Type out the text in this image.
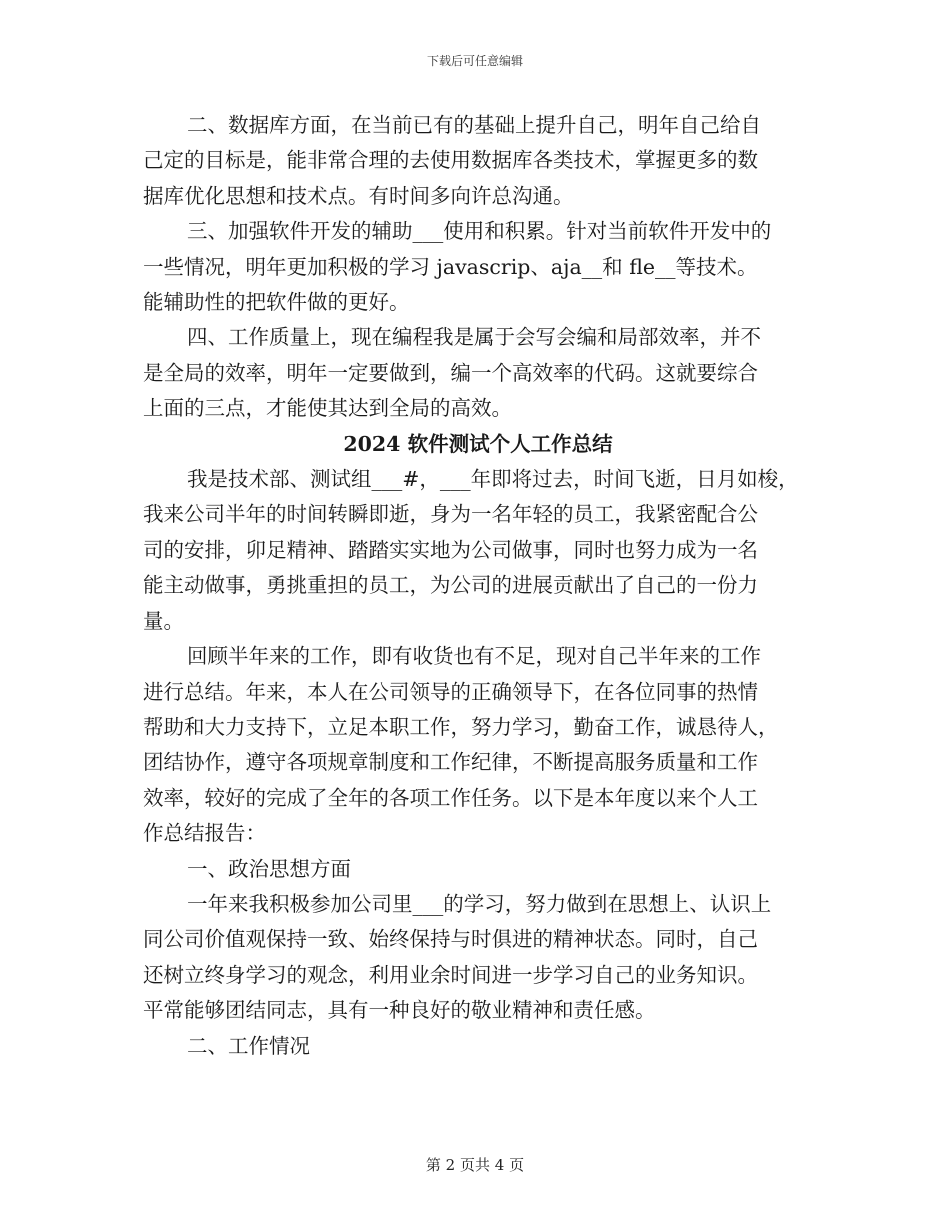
下载后可任意编辑

二、数据库方面，在当前已有的基础上提升自己，明年自己给自
己定的目标是，能非常合理的去使用数据库各类技术，掌握更多的数
据库优化思想和技术点。有时间多向许总沟通。

三、加强软件开发的辅助___使用和积累。针对当前软件开发中的
一些情况，明年更加积极的学习 javascrip、aja__和 fle__等技术。
能辅助性的把软件做的更好。

四、工作质量上，现在编程我是属于会写会编和局部效率，并不
是全局的效率，明年一定要做到，编一个高效率的代码。这就要综合
上面的三点，才能使其达到全局的高效。

2024 软件测试个人工作总结

我是技术部、测试组___#，___年即将过去，时间飞逝，日月如梭，
我来公司半年的时间转瞬即逝，身为一名年轻的员工，我紧密配合公
司的安排，卯足精神、踏踏实实地为公司做事，同时也努力成为一名
能主动做事，勇挑重担的员工，为公司的进展贡献出了自己的一份力
量。

回顾半年来的工作，即有收货也有不足，现对自己半年来的工作
进行总结。年来，本人在公司领导的正确领导下，在各位同事的热情
帮助和大力支持下，立足本职工作，努力学习，勤奋工作，诚恳待人，
团结协作，遵守各项规章制度和工作纪律，不断提高服务质量和工作
效率，较好的完成了全年的各项工作任务。以下是本年度以来个人工
作总结报告：

一、政治思想方面

一年来我积极参加公司里___的学习，努力做到在思想上、认识上
同公司价值观保持一致、始终保持与时俱进的精神状态。同时，自己
还树立终身学习的观念，利用业余时间进一步学习自己的业务知识。
平常能够团结同志，具有一种良好的敬业精神和责任感。

二、工作情况

第 2 页共 4 页
